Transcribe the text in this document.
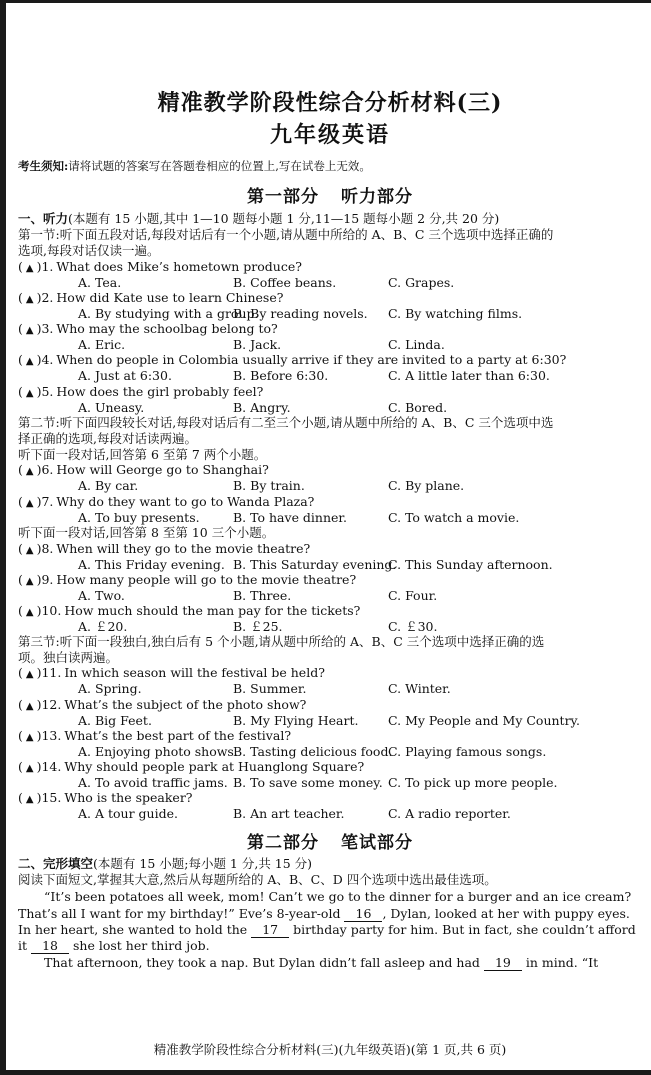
精准教学阶段性综合分析材料(三)
九年级英语
考生须知:请将试题的答案写在答题卷相应的位置上,写在试卷上无效。
第一部分 听力部分
一、听力(本题有 15 小题,其中 1—10 题每小题 1 分,11—15 题每小题 2 分,共 20 分)
第一节:听下面五段对话,每段对话后有一个小题,请从题中所给的 A、B、C 三个选项中选择正确的
选项,每段对话仅读一遍。
( ▲ )1. What does Mike’s hometown produce?
A. Tea.	B. Coffee beans.	C. Grapes.
( ▲ )2. How did Kate use to learn Chinese?
A. By studying with a group.
B. By reading novels. C. By watching films.
( ▲ )3. Who may the schoolbag belong to?
A. Eric.	B. Jack.	C. Linda.
( ▲ )4. When do people in Colombia usually arrive if they are invited to a party at 6:30?
A. Just at 6:30.	B. Before 6:30.	C. A little later than 6:30.
( ▲ )5. How does the girl probably feel?
A. Uneasy.	B. Angry.	C. Bored.
( ▲ )6. How will George go to Shanghai?
A. By car.	B. By train.	C. By plane.
( ▲ )7. Why do they want to go to Wanda Plaza?
A. To buy presents.	B. To have dinner.	C. To watch a movie.
( ▲ )8. When will they go to the movie theatre?
A. This Friday evening. B. This Saturday evening.
C. This Sunday afternoon.
( ▲ )9. How many people will go to the movie theatre?
A. Two.	B. Three.	C. Four.
( ▲ )10. How much should the man pay for the tickets?
A. ￡20.	B. ￡25.	C. ￡30.
( ▲ )11. In which season will the festival be held?
A. Spring.	B. Summer.	C. Winter.
( ▲ )12. What’s the subject of the photo show?
A. Big Feet.	B. My Flying Heart. C. My People and My Country.
( ▲ )13. What’s the best part of the festival?
A. Enjoying photo shows.
B. Tasting delicious food.
C. Playing famous songs.
( ▲ )14. Why should people park at Huanglong Square?
A. To avoid traffic jams. B. To save some money. C. To pick up more people.
( ▲ )15. Who is the speaker?
A. A tour guide.	B. An art teacher.	C. A radio reporter.
第二节:听下面四段较长对话,每段对话后有二至三个小题,请从题中所给的 A、B、C 三个选项中选
择正确的选项,每段对话读两遍。
听下面一段对话,回答第 6 至第 7 两个小题。
听下面一段对话,回答第 8 至第 10 三个小题。
第三节:听下面一段独白,独白后有 5 个小题,请从题中所给的 A、B、C 三个选项中选择正确的选
项。独白读两遍。
第二部分 笔试部分
二、完形填空(本题有 15 小题;每小题 1 分,共 15 分)
阅读下面短文,掌握其大意,然后从每题所给的 A、B、C、D 四个选项中选出最佳选项。
“It’s been potatoes all week, mom! Can’t we go to the dinner for a burger and an ice cream?
That’s all I want for my birthday!” Eve’s 8-year-old 16 , Dylan, looked at her with puppy eyes.
In her heart, she wanted to hold the 17 birthday party for him. But in fact, she couldn’t afford
it 18 she lost her third job.
That afternoon, they took a nap. But Dylan didn’t fall asleep and had 19 in mind. “It
精准教学阶段性综合分析材料(三)(九年级英语)(第 1 页,共 6 页)
